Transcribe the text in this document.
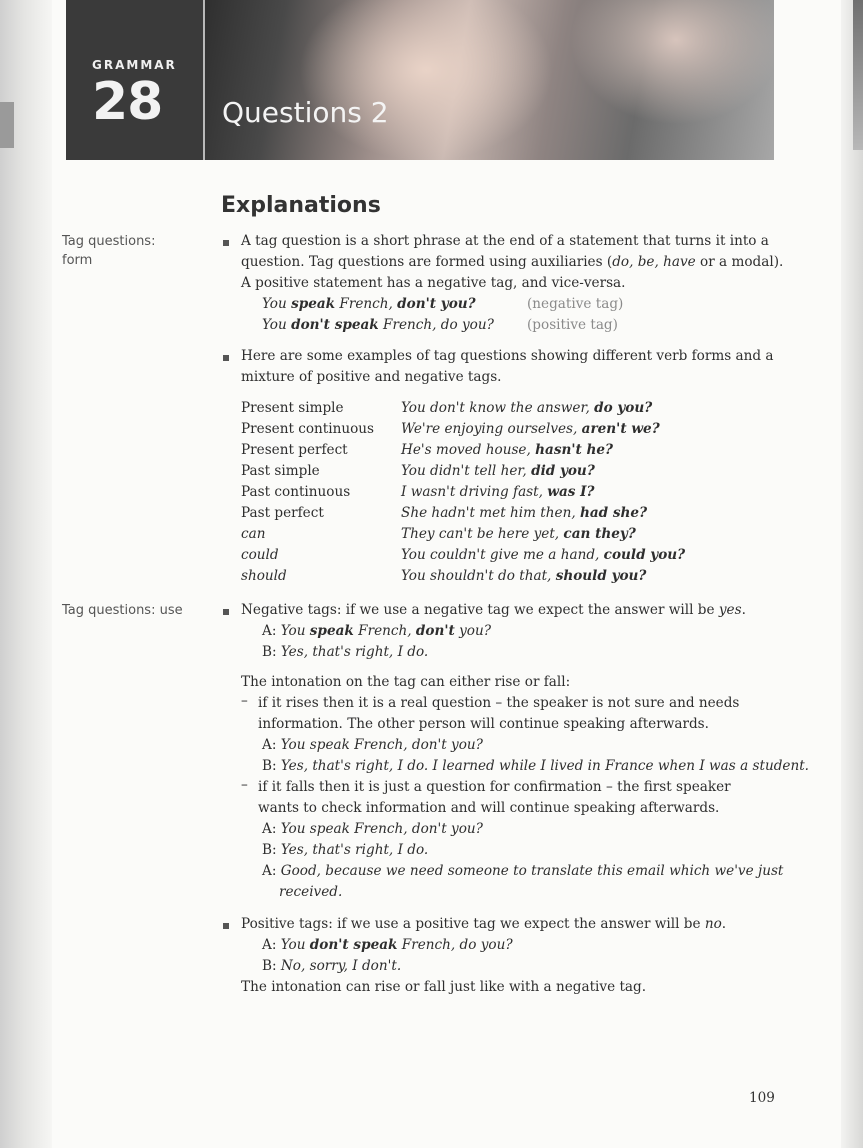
GRAMMAR
28 Questions 2
Explanations
Tag questions:
form
Tag questions: use
A tag question is a short phrase at the end of a statement that turns it into a
question. Tag questions are formed using auxiliaries (do, be, have or a modal).
A positive statement has a negative tag, and vice-versa.
You speak French, don't you?	(negative tag)
You don't speak French, do you? (positive tag)
Here are some examples of tag questions showing different verb forms and a
mixture of positive and negative tags.
Present simple	You don't know the answer, do you?
Present continuous We're enjoying ourselves, aren't we?
Present perfect	He's moved house, hasn't he?
Past simple	You didn't tell her, did you?
Past continuous	I wasn't driving fast, was I?
Past perfect	She hadn't met him then, had she?
can	They can't be here yet, can they?
could	You couldn't give me a hand, could you?
should	You shouldn't do that, should you?
Negative tags: if we use a negative tag we expect the answer will be yes.
A: You speak French, don't you?
B: Yes, that's right, I do.
The intonation on the tag can either rise or fall:
– if it rises then it is a real question – the speaker is not sure and needs
information. The other person will continue speaking afterwards.
A: You speak French, don't you?
B: Yes, that's right, I do. I learned while I lived in France when I was a student.
– if it falls then it is just a question for confirmation – the first speaker
wants to check information and will continue speaking afterwards.
A: You speak French, don't you?
B: Yes, that's right, I do.
A: Good, because we need someone to translate this email which we've just
received.
Positive tags: if we use a positive tag we expect the answer will be no.
A: You don't speak French, do you?
B: No, sorry, I don't.
The intonation can rise or fall just like with a negative tag.
109
